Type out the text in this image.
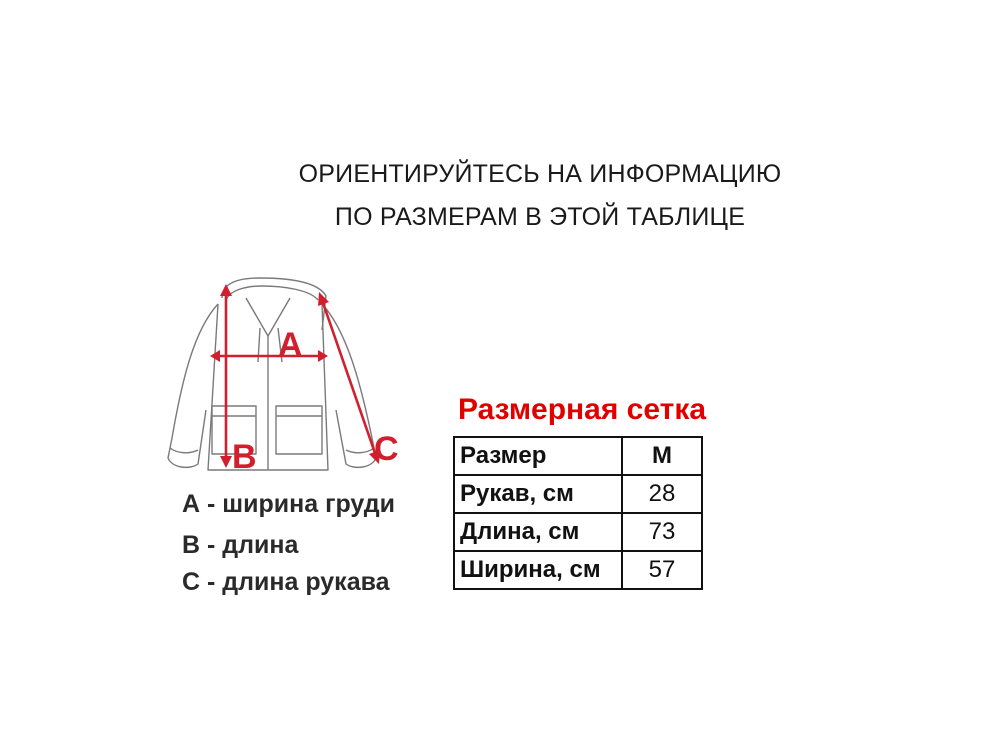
ОРИЕНТИРУЙТЕСЬ НА ИНФОРМАЦИЮ
ПО РАЗМЕРАМ В ЭТОЙ ТАБЛИЦЕ
A
B	C
А - ширина груди
В - длина
С - длина рукава
Размерная сетка
Размер	M
Рукав, см	28
Длина, см	73
Ширина, см	57
